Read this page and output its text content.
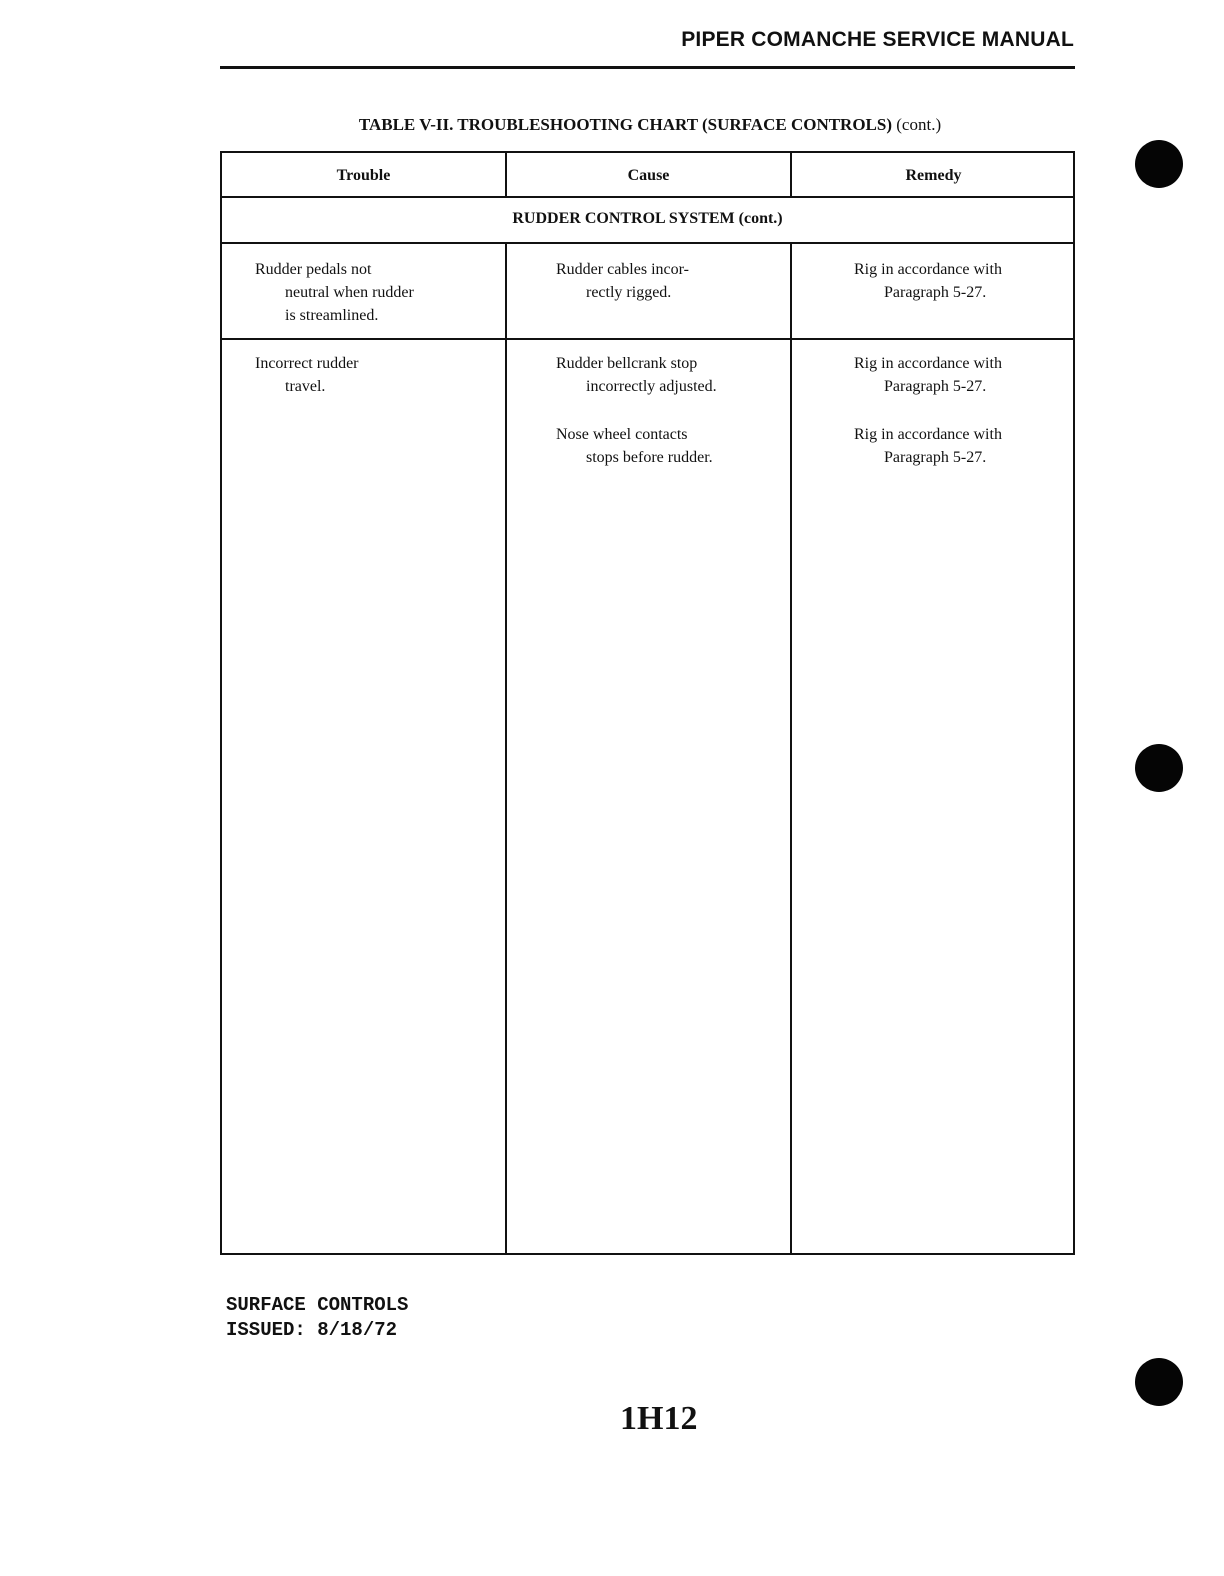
PIPER COMANCHE SERVICE MANUAL
TABLE V-II. TROUBLESHOOTING CHART (SURFACE CONTROLS) (cont.)
Trouble	Cause	Remedy
RUDDER CONTROL SYSTEM (cont.)
Rudder pedals not
neutral when rudder
is streamlined.
Rudder cables incor-
rectly rigged.
Rig in accordance with
Paragraph 5-27.
Incorrect rudder
travel.
Rudder bellcrank stop
incorrectly adjusted.
Rig in accordance with
Paragraph 5-27.
Nose wheel contacts
stops before rudder.
Rig in accordance with
Paragraph 5-27.
SURFACE CONTROLS
ISSUED: 8/18/72
1H12
